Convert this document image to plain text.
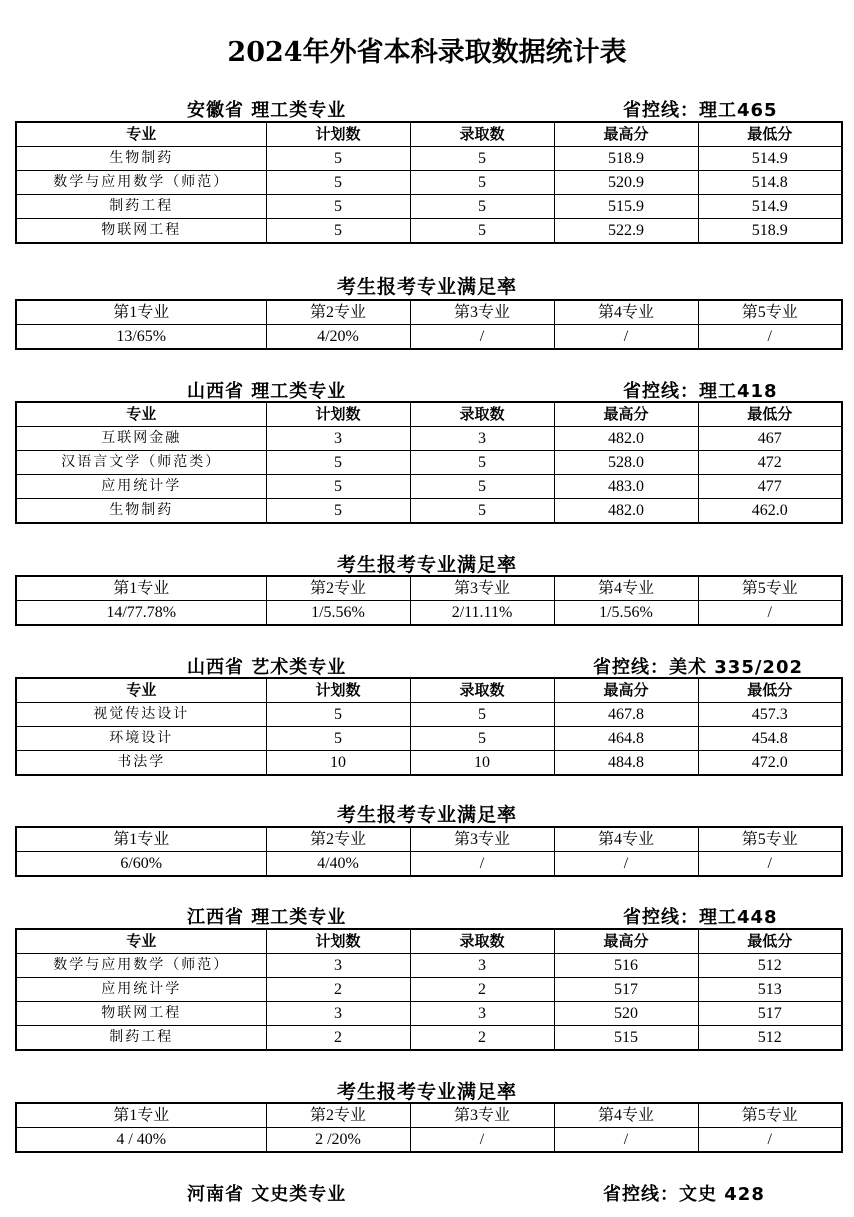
2024年外省本科录取数据统计表
安徽省 理工类专业	省控线：理工465
专业	计划数	录取数	最高分	最低分
生物制药	5	5	518.9	514.9
数学与应用数学（师范）	5	5	520.9	514.8
制药工程	5	5	515.9	514.9
物联网工程	5	5	522.9	518.9
考生报考专业满足率
第1专业	第2专业	第3专业	第4专业	第5专业
13/65%	4/20%	/	/	/
山西省 理工类专业	省控线：理工418
专业	计划数	录取数	最高分	最低分
互联网金融	3	3	482.0	467
汉语言文学（师范类）	5	5	528.0	472
应用统计学	5	5	483.0	477
生物制药	5	5	482.0	462.0
考生报考专业满足率
第1专业	第2专业	第3专业	第4专业	第5专业
14/77.78%	1/5.56%	2/11.11%	1/5.56%	/
山西省 艺术类专业	省控线：美术 335/202
专业	计划数	录取数	最高分	最低分
视觉传达设计	5	5	467.8	457.3
环境设计	5	5	464.8	454.8
书法学	10	10	484.8	472.0
考生报考专业满足率
第1专业	第2专业	第3专业	第4专业	第5专业
6/60%	4/40%	/	/	/
江西省 理工类专业	省控线：理工448
专业	计划数	录取数	最高分	最低分
数学与应用数学（师范）	3	3	516	512
应用统计学	2	2	517	513
物联网工程	3	3	520	517
制药工程	2	2	515	512
考生报考专业满足率
第1专业	第2专业	第3专业	第4专业	第5专业
4 / 40%	2 /20%	/	/	/
河南省 文史类专业	省控线：文史 428
